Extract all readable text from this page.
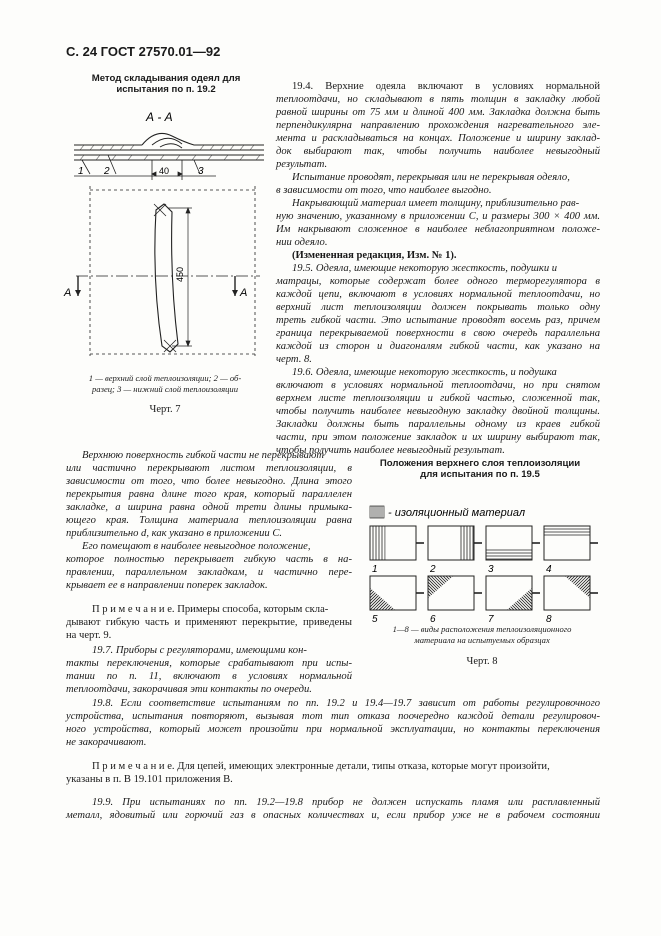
С. 24 ГОСТ 27570.01—92
Метод складывания одеял для
испытания по п. 19.2
А - А
1 2	3
40
450
А	А
1 — верхний слой теплоизоляции; 2 — об-
разец; 3 — нижний слой теплоизоляции
Черт. 7
19.4. Верхние одеяла включают в условиях нормальной
теплоотдачи, но складывают в пять толщин в закладку любой
равной ширины от 75 мм и длиной 400 мм. Закладка должна быть
перпендикулярна направлению прохождения нагревательного эле-
мента и раскладываться на концах. Положение и ширину заклад-
док выбирают так, чтобы получить наиболее невыгодный
результат.
Испытание проводят, перекрывая или не перекрывая одеяло,
в зависимости от того, что наиболее выгодно.
Накрывающий материал имеет толщину, приблизительно рав-
ную значению, указанному в приложении С, и размеры 300 × 400 мм.
Им накрывают сложенное в наиболее неблагоприятном положе-
нии одеяло.
(Измененная редакция, Изм. № 1).
19.5. Одеяла, имеющие некоторую жесткость, подушки и
матрацы, которые содержат более одного терморегулятора в
каждой цепи, включают в условиях нормальной теплоотдачи, но
верхний лист теплоизоляции должен покрывать только одну
треть гибкой части. Это испытание проводят восемь раз, причем
граница перекрываемой поверхности в свою очередь параллельна
каждой из сторон и диагоналям гибкой части, как указано на
черт. 8.
19.6. Одеяла, имеющие некоторую жесткость, и подушка
включают в условиях нормальной теплоотдачи, но при снятом
верхнем листе теплоизоляции и гибкой частью, сложенной так,
чтобы получить наиболее невыгодную закладку двойной толщины.
Закладки должны быть параллельны одному из краев гибкой
части, при этом положение закладок и их ширину выбирают так,
чтобы получить наиболее невыгодный результат.
Верхнюю поверхность гибкой части не перекрывают
или частично перекрывают листом теплоизоляции, в
зависимости от того, что более невыгодно. Длина этого
перекрытия равна длине того края, который параллелен
закладке, а ширина равна одной трети длины примыка-
ющего края. Толщина материала теплоизоляции равна
приблизительно d, как указано в приложении С.
Его помещают в наиболее невыгодное положение,
которое полностью перекрывает гибкую часть в на-
правлении, параллельном закладкам, и частично пере-
крывает ее в направлении поперек закладок.
П р и м е ч а н и е. Примеры способа, которым скла-
дывают гибкую часть и применяют перекрытие, приведены
на черт. 9.
19.7. Приборы с регуляторами, имеющими кон-
такты переключения, которые срабатывают при испы-
тании по п. 11, включают в условиях нормальной
теплоотдачи, закорачивая эти контакты по очереди.
Положения верхнего слоя теплоизоляции
для испытания по п. 19.5
- изоляционный материал
1	2	3	4
5	6	7	8
1—8 — виды расположения теплоизоляционного
материала на испытуемых образцах
Черт. 8
19.8. Если соответствие испытаниям по пп. 19.2 и 19.4—19.7 зависит от работы регулировочного
устройства, испытания повторяют, вызывая тот тип отказа поочередно каждой детали регулировоч-
ного устройства, который может произойти при нормальной эксплуатации, но контакты переключения
не закорачивают.
П р и м е ч а н и е. Для цепей, имеющих электронные детали, типы отказа, которые могут произойти,
указаны в п. В 19.101 приложения В.
19.9. При испытаниях по пп. 19.2—19.8 прибор не должен испускать пламя или расплавленный
металл, ядовитый или горючий газ в опасных количествах и, если прибор уже не в рабочем состоянии
